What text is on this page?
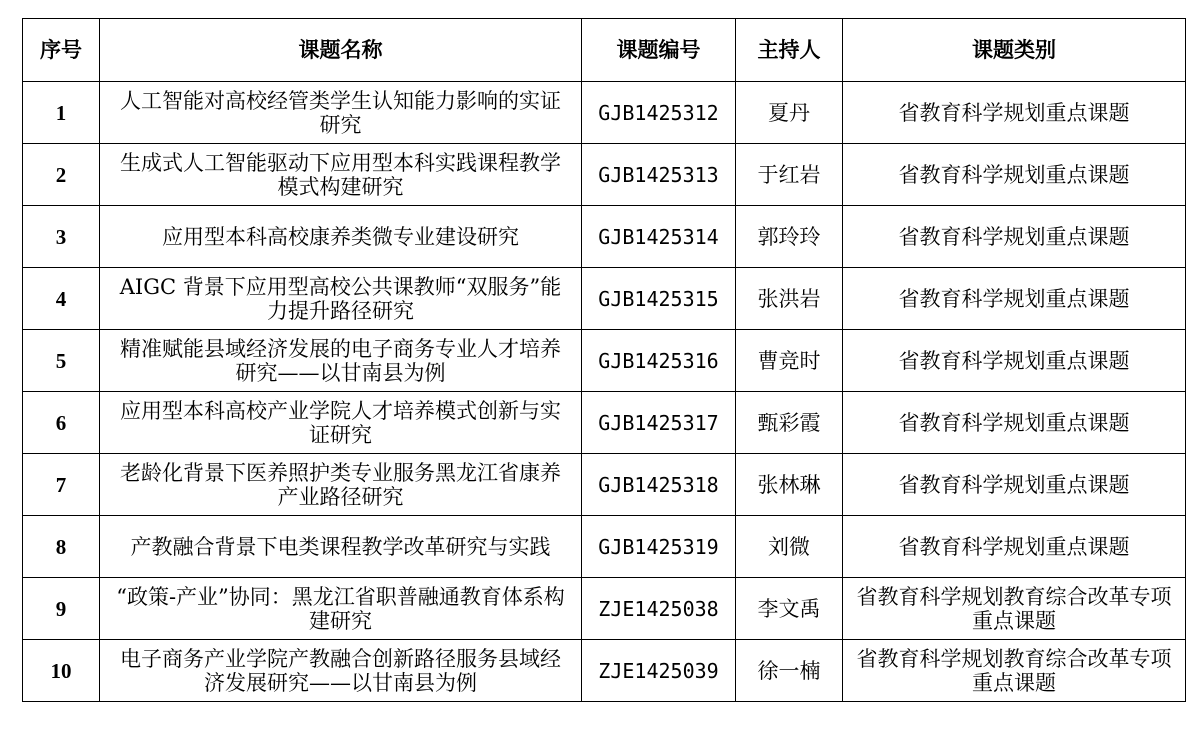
序号	课题名称	课题编号	主持人	课题类别
1	人工智能对高校经管类学生认知能力影响的实证研究	GJB1425312	夏丹	省教育科学规划重点课题
2	生成式人工智能驱动下应用型本科实践课程教学模式构建研究	GJB1425313	于红岩	省教育科学规划重点课题
3	应用型本科高校康养类微专业建设研究	GJB1425314	郭玲玲	省教育科学规划重点课题
4	AIGC 背景下应用型高校公共课教师“双服务”能力提升路径研究	GJB1425315	张洪岩	省教育科学规划重点课题
5	精准赋能县域经济发展的电子商务专业人才培养研究——以甘南县为例	GJB1425316	曹竞时	省教育科学规划重点课题
6	应用型本科高校产业学院人才培养模式创新与实证研究	GJB1425317	甄彩霞	省教育科学规划重点课题
7	老龄化背景下医养照护类专业服务黑龙江省康养产业路径研究	GJB1425318	张林琳	省教育科学规划重点课题
8	产教融合背景下电类课程教学改革研究与实践	GJB1425319	刘微	省教育科学规划重点课题
9	“政策-产业”协同：黑龙江省职普融通教育体系构建研究	ZJE1425038	李文禹	省教育科学规划教育综合改革专项重点课题
10	电子商务产业学院产教融合创新路径服务县域经济发展研究——以甘南县为例	ZJE1425039	徐一楠	省教育科学规划教育综合改革专项重点课题
